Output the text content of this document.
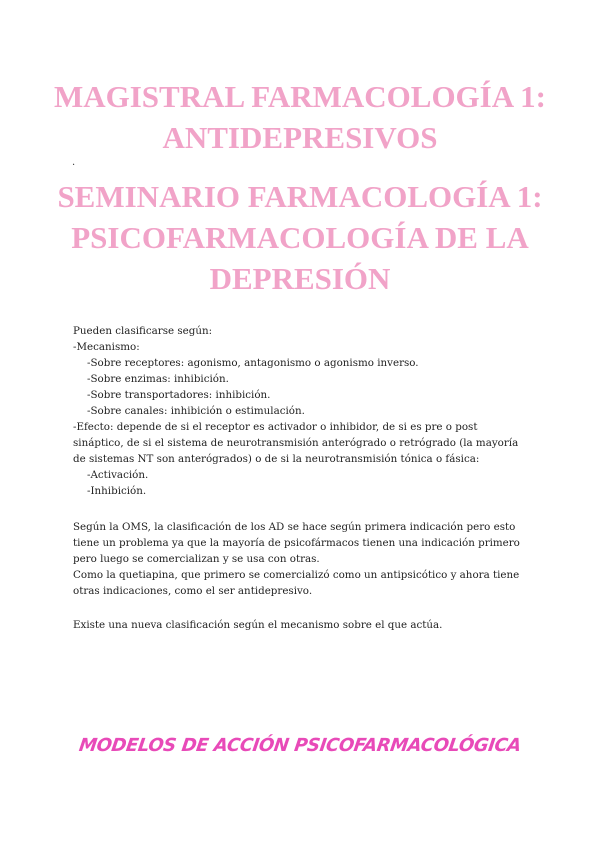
MAGISTRAL FARMACOLOGÍA 1: ANTIDEPRESIVOS
.
SEMINARIO FARMACOLOGÍA 1: PSICOFARMACOLOGÍA DE LA DEPRESIÓN

Pueden clasificarse según:

-Mecanismo:

-Sobre receptores: agonismo, antagonismo o agonismo inverso.

-Sobre enzimas: inhibición.

-Sobre transportadores: inhibición.

-Sobre canales: inhibición o estimulación.

-Efecto: depende de si el receptor es activador o inhibidor, de si es pre o post sináptico, de si el sistema de neurotransmisión anterógrado o retrógrado (la mayoría de sistemas NT son anterógrados) o de si la neurotransmisión tónica o fásica:

-Activación.

-Inhibición.

Según la OMS, la clasificación de los AD se hace según primera indicación pero esto tiene un problema ya que la mayoría de psicofármacos tienen una indicación primero pero luego se comercializan y se usa con otras.

Como la quetiapina, que primero se comercializó como un antipsicótico y ahora tiene otras indicaciones, como el ser antidepresivo.

Existe una nueva clasificación según el mecanismo sobre el que actúa.

MODELOS DE ACCIÓN PSICOFARMACOLÓGICA
